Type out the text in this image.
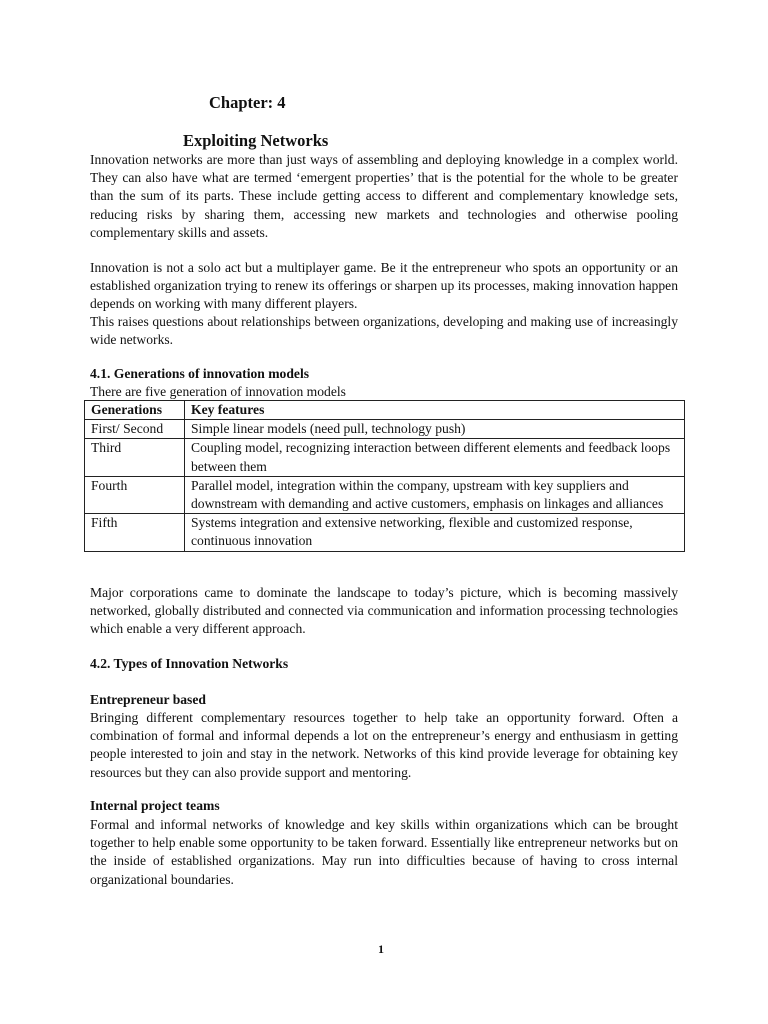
Chapter: 4
Exploiting Networks

Innovation networks are more than just ways of assembling and deploying knowledge in a complex world. They can also have what are termed ‘emergent properties’ that is the potential for the whole to be greater than the sum of its parts. These include getting access to different and complementary knowledge sets, reducing risks by sharing them, accessing new markets and technologies and otherwise pooling complementary skills and assets.

Innovation is not a solo act but a multiplayer game. Be it the entrepreneur who spots an opportunity or an established organization trying to renew its offerings or sharpen up its processes, making innovation happen depends on working with many different players.

This raises questions about relationships between organizations, developing and making use of increasingly wide networks.

4.1. Generations of innovation models

There are five generation of innovation models

Generations	Key features
First/ Second	Simple linear models (need pull, technology push)
Third	Coupling model, recognizing interaction between different elements and feedback loops between them
Fourth	Parallel model, integration within the company, upstream with key suppliers and downstream with demanding and active customers, emphasis on linkages and alliances
Fifth	Systems integration and extensive networking, flexible and customized response, continuous innovation

Major corporations came to dominate the landscape to today’s picture, which is becoming massively networked, globally distributed and connected via communication and information processing technologies which enable a very different approach.

4.2. Types of Innovation Networks
Entrepreneur based

Bringing different complementary resources together to help take an opportunity forward. Often a combination of formal and informal depends a lot on the entrepreneur’s energy and enthusiasm in getting people interested to join and stay in the network. Networks of this kind provide leverage for obtaining key resources but they can also provide support and mentoring.

Internal project teams

Formal and informal networks of knowledge and key skills within organizations which can be brought together to help enable some opportunity to be taken forward. Essentially like entrepreneur networks but on the inside of established organizations. May run into difficulties because of having to cross internal organizational boundaries.

1
